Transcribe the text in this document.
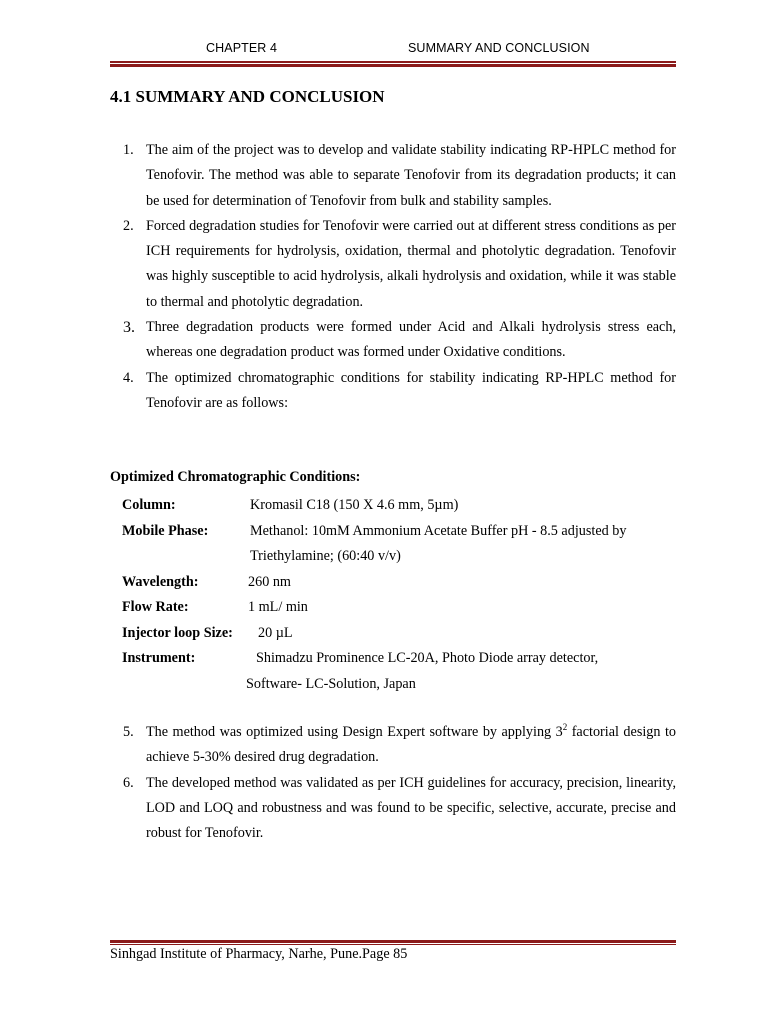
CHAPTER 4	SUMMARY AND CONCLUSION
4.1 SUMMARY AND CONCLUSION
1. The aim of the project was to develop and validate stability indicating RP-HPLC method for Tenofovir. The method was able to separate Tenofovir from its degradation products; it can be used for determination of Tenofovir from bulk and stability samples.
2. Forced degradation studies for Tenofovir were carried out at different stress conditions as per ICH requirements for hydrolysis, oxidation, thermal and photolytic degradation. Tenofovir was highly susceptible to acid hydrolysis, alkali hydrolysis and oxidation, while it was stable to thermal and photolytic degradation.
3. Three degradation products were formed under Acid and Alkali hydrolysis stress each, whereas one degradation product was formed under Oxidative conditions.
4. The optimized chromatographic conditions for stability indicating RP-HPLC method for Tenofovir are as follows:
Optimized Chromatographic Conditions:
Column:	Kromasil C18 (150 X 4.6 mm, 5µm)
Mobile Phase:	Methanol: 10mM Ammonium Acetate Buffer pH - 8.5 adjusted by
Triethylamine; (60:40 v/v)
Wavelength:	260 nm
Flow Rate:	1 mL/ min
Injector loop Size: 20 µL
Instrument:	Shimadzu Prominence LC-20A, Photo Diode array detector,
Software- LC-Solution, Japan
5. The method was optimized using Design Expert software by applying $3^2$ factorial design to achieve 5-30% desired drug degradation.
6. The developed method was validated as per ICH guidelines for accuracy, precision, linearity, LOD and LOQ and robustness and was found to be specific, selective, accurate, precise and robust for Tenofovir.
Sinhgad Institute of Pharmacy, Narhe, Pune.Page 85
